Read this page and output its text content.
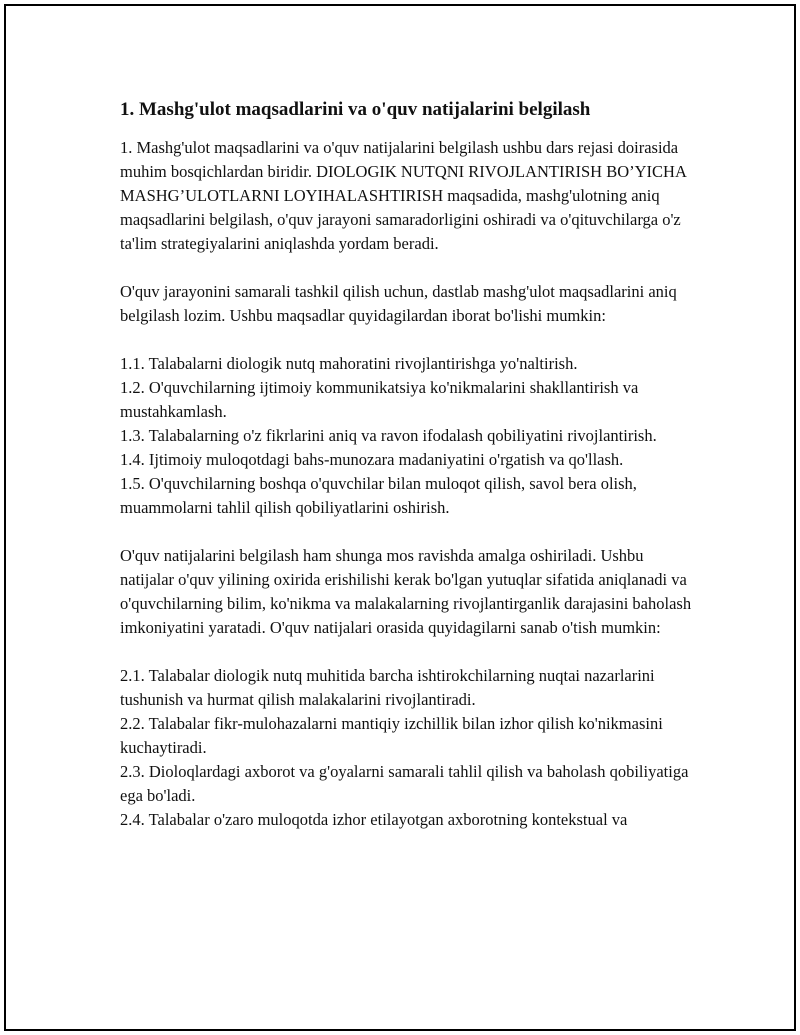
1. Mashg'ulot maqsadlarini va o'quv natijalarini belgilash

1. Mashg'ulot maqsadlarini va o'quv natijalarini belgilash ushbu dars rejasi doirasida muhim bosqichlardan biridir. DIOLOGIK NUTQNI RIVOJLANTIRISH BO’YICHA MASHG’ULOTLARNI LOYIHALASHTIRISH maqsadida, mashg'ulotning aniq maqsadlarini belgilash, o'quv jarayoni samaradorligini oshiradi va o'qituvchilarga o'z ta'lim strategiyalarini aniqlashda yordam beradi.

O'quv jarayonini samarali tashkil qilish uchun, dastlab mashg'ulot maqsadlarini aniq belgilash lozim. Ushbu maqsadlar quyidagilardan iborat bo'lishi mumkin:

1.1. Talabalarni diologik nutq mahoratini rivojlantirishga yo'naltirish.

1.2. O'quvchilarning ijtimoiy kommunikatsiya ko'nikmalarini shakllantirish va mustahkamlash.

1.3. Talabalarning o'z fikrlarini aniq va ravon ifodalash qobiliyatini rivojlantirish.

1.4. Ijtimoiy muloqotdagi bahs-munozara madaniyatini o'rgatish va qo'llash.

1.5. O'quvchilarning boshqa o'quvchilar bilan muloqot qilish, savol bera olish, muammolarni tahlil qilish qobiliyatlarini oshirish.

O'quv natijalarini belgilash ham shunga mos ravishda amalga oshiriladi. Ushbu natijalar o'quv yilining oxirida erishilishi kerak bo'lgan yutuqlar sifatida aniqlanadi va o'quvchilarning bilim, ko'nikma va malakalarning rivojlantirganlik darajasini baholash imkoniyatini yaratadi. O'quv natijalari orasida quyidagilarni sanab o'tish mumkin:

2.1. Talabalar diologik nutq muhitida barcha ishtirokchilarning nuqtai nazarlarini tushunish va hurmat qilish malakalarini rivojlantiradi.

2.2. Talabalar fikr-mulohazalarni mantiqiy izchillik bilan izhor qilish ko'nikmasini kuchaytiradi.

2.3. Dioloqlardagi axborot va g'oyalarni samarali tahlil qilish va baholash qobiliyatiga ega bo'ladi.

2.4. Talabalar o'zaro muloqotda izhor etilayotgan axborotning kontekstual va
